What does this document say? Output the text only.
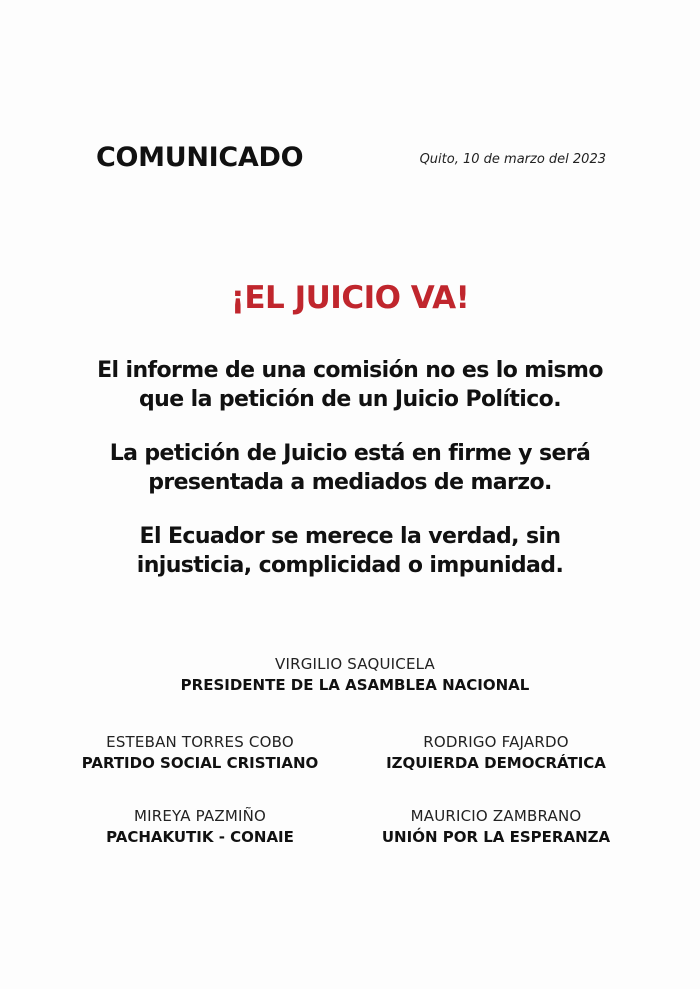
COMUNICADO	Quito, 10 de marzo del 2023
¡EL JUICIO VA!

El informe de una comisión no es lo mismo
que la petición de un Juicio Político.

La petición de Juicio está en firme y será
presentada a mediados de marzo.

El Ecuador se merece la verdad, sin
injusticia, complicidad o impunidad.

VIRGILIO SAQUICELA
PRESIDENTE DE LA ASAMBLEA NACIONAL
ESTEBAN TORRES COBO
PARTIDO SOCIAL CRISTIANO
RODRIGO FAJARDO
IZQUIERDA DEMOCRÁTICA
MIREYA PAZMIÑO
PACHAKUTIK - CONAIE
MAURICIO ZAMBRANO
UNIÓN POR LA ESPERANZA
